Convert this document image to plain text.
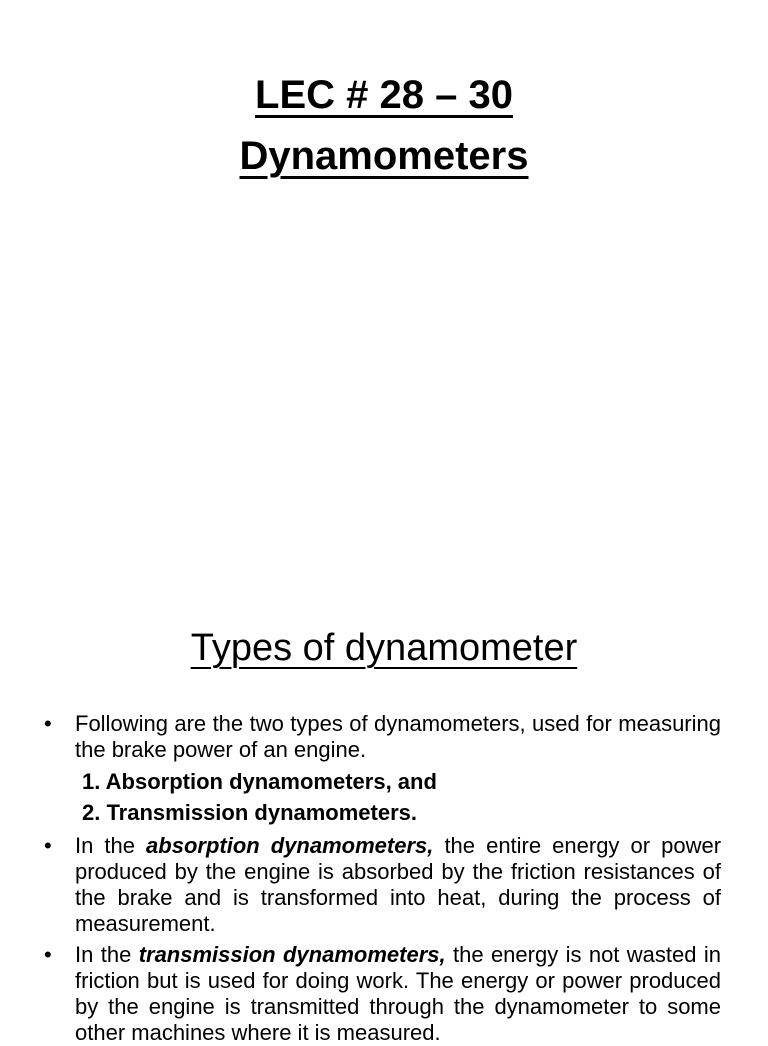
LEC # 28 – 30
Dynamometers
Types of dynamometer
• Following are the two types of dynamometers, used for measuring the brake power of an engine.
1. Absorption dynamometers, and
2. Transmission dynamometers.
• In the absorption dynamometers, the entire energy or power produced by the engine is absorbed by the friction resistances of the brake and is transformed into heat, during the process of measurement.
• In the transmission dynamometers, the energy is not wasted in friction but is used for doing work. The energy or power produced by the engine is transmitted through the dynamometer to some other machines where it is measured.
